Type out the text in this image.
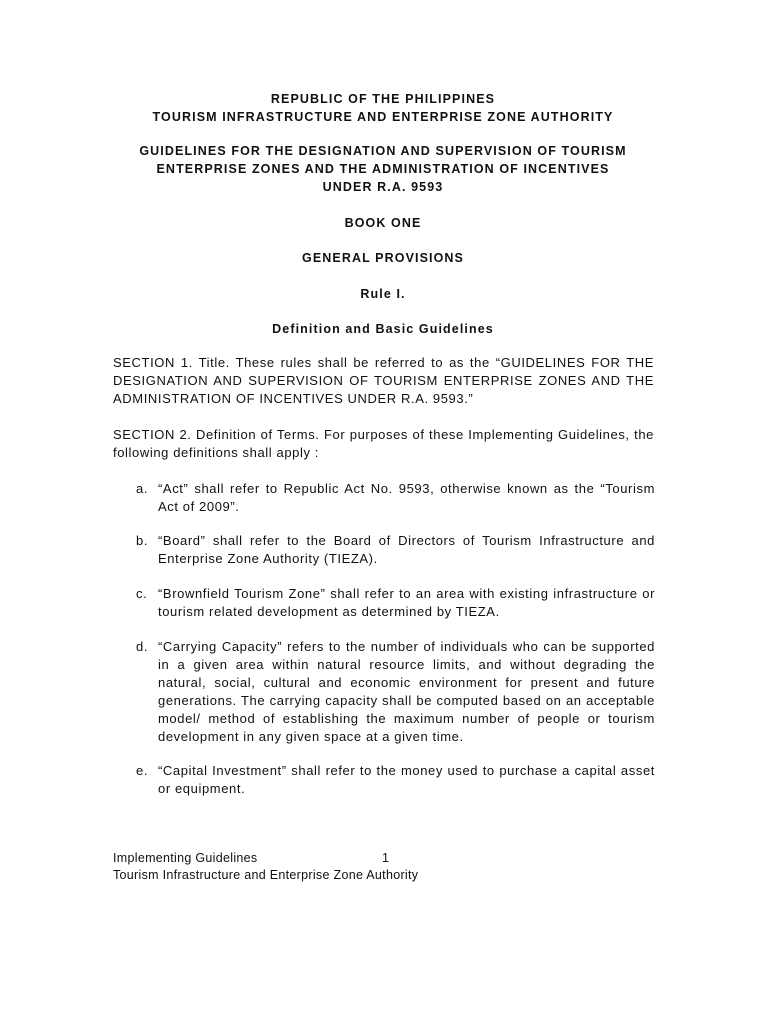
REPUBLIC OF THE PHILIPPINES
TOURISM INFRASTRUCTURE AND ENTERPRISE ZONE AUTHORITY
GUIDELINES FOR THE DESIGNATION AND SUPERVISION OF TOURISM
ENTERPRISE ZONES AND THE ADMINISTRATION OF INCENTIVES
UNDER R.A. 9593
BOOK ONE
GENERAL PROVISIONS
Rule I.
Definition and Basic Guidelines

SECTION 1. Title. These rules shall be referred to as the “GUIDELINES FOR THE DESIGNATION AND SUPERVISION OF TOURISM ENTERPRISE ZONES AND THE ADMINISTRATION OF INCENTIVES UNDER R.A. 9593.”

SECTION 2. Definition of Terms. For purposes of these Implementing Guidelines, the following definitions shall apply :

a. “Act” shall refer to Republic Act No. 9593, otherwise known as the “Tourism Act of 2009”.
b. “Board” shall refer to the Board of Directors of Tourism Infrastructure and Enterprise Zone Authority (TIEZA).
c. “Brownfield Tourism Zone” shall refer to an area with existing infrastructure or tourism related development as determined by TIEZA.
d. “Carrying Capacity” refers to the number of individuals who can be supported in a given area within natural resource limits, and without degrading the natural, social, cultural and economic environment for present and future generations. The carrying capacity shall be computed based on an acceptable model/ method of establishing the maximum number of people or tourism development in any given space at a given time.
e. “Capital Investment” shall refer to the money used to purchase a capital asset or equipment.
Implementing Guidelines	1
Tourism Infrastructure and Enterprise Zone Authority
